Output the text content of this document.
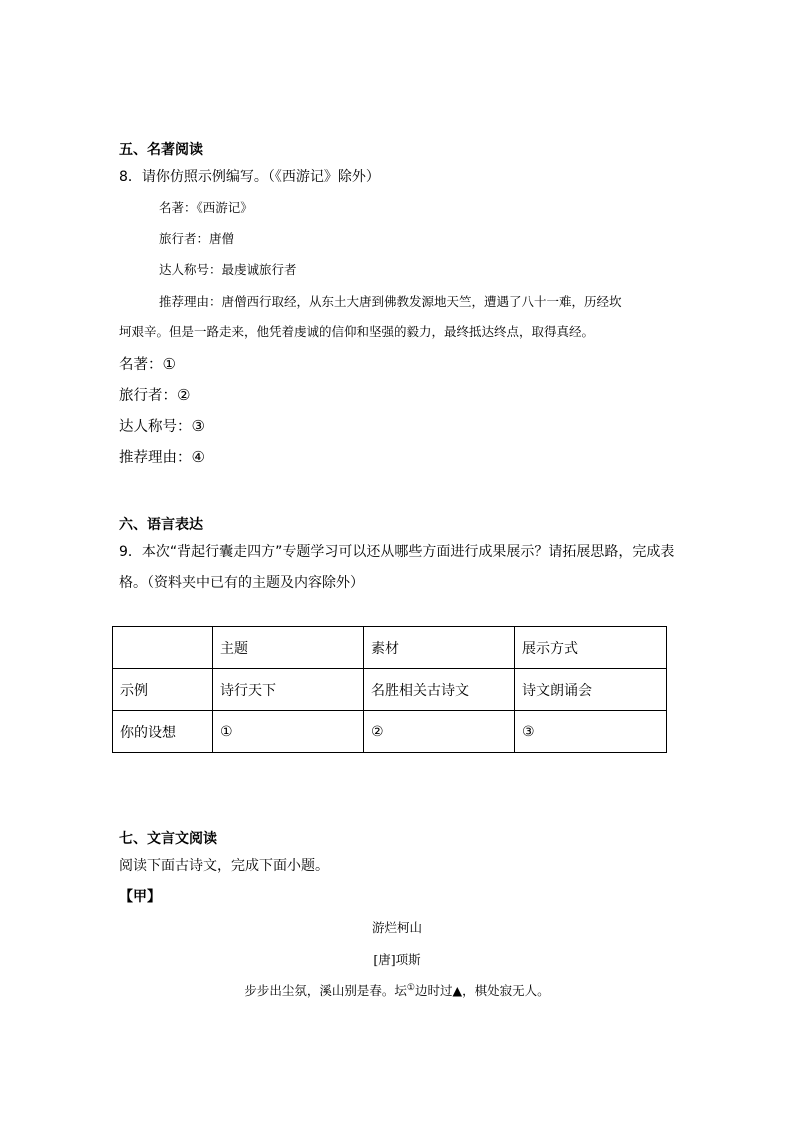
五、名著阅读
8．请你仿照示例编写。（《西游记》除外）
名著：《西游记》
旅行者：唐僧
达人称号：最虔诚旅行者
推荐理由：唐僧西行取经，从东土大唐到佛教发源地天竺，遭遇了八十一难，历经坎
坷艰辛。但是一路走来，他凭着虔诚的信仰和坚强的毅力，最终抵达终点，取得真经。
名著：①
旅行者：②
达人称号：③
推荐理由：④
六、语言表达
9．本次“背起行囊走四方”专题学习可以还从哪些方面进行成果展示？请拓展思路，完成表
格。（资料夹中已有的主题及内容除外）
	主题	素材	展示方式
示例	诗行天下	名胜相关古诗文	诗文朗诵会
你的设想	①	②	③
七、文言文阅读
阅读下面古诗文，完成下面小题。
【甲】
游烂柯山
[唐]项斯
步步出尘氛，溪山别是春。坛①边时过▲，棋处寂无人。
